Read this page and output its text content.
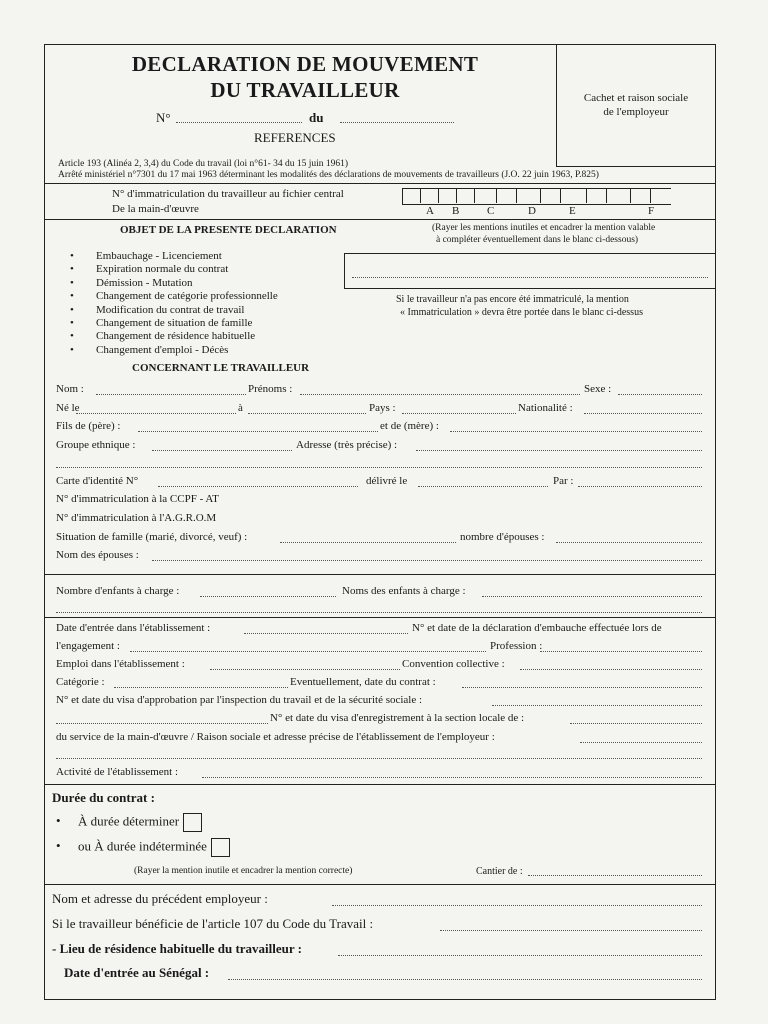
DECLARATION DE MOUVEMENT
DU TRAVAILLEUR
N°	du
REFERENCES
Cachet et raison sociale
de l'employeur
Article 193 (Alinéa 2, 3,4) du Code du travail (loi n°61- 34 du 15 juin 1961)
Arrêté ministériel n°7301 du 17 mai 1963 déterminant les modalités des déclarations de mouvements de travailleurs (J.O. 22 juin 1963, P.825)
N° d'immatriculation du travailleur au fichier central
De la main-d'œuvre	A B	C	D	E	F
OBJET DE LA PRESENTE DECLARATION	(Rayer les mentions inutiles et encadrer la mention valable
à compléter éventuellement dans le blanc ci-dessous)
• Embauchage - Licenciement
• Expiration normale du contrat
• Démission - Mutation
• Changement de catégorie professionnelle
• Modification du contrat de travail
• Changement de situation de famille
• Changement de résidence habituelle
• Changement d'emploi - Décès
Si le travailleur n'a pas encore été immatriculé, la mention
« Immatriculation » devra être portée dans le blanc ci-dessus
CONCERNANT LE TRAVAILLEUR
Nom :	Prénoms :	Sexe :
Né le	à	Pays :	Nationalité :
Fils de (père) :	et de (mère) :
Groupe ethnique :	Adresse (très précise) :
Carte d'identité N°	délivré le	Par :
N° d'immatriculation à la CCPF - AT
N° d'immatriculation à l'A.G.R.O.M
Situation de famille (marié, divorcé, veuf) :	nombre d'épouses :
Nom des épouses :
Nombre d'enfants à charge :	Noms des enfants à charge :
Date d'entrée dans l'établissement :	N° et date de la déclaration d'embauche effectuée lors de
l'engagement :	Profession :
Emploi dans l'établissement :	Convention collective :
Catégorie :	Eventuellement, date du contrat :
N° et date du visa d'approbation par l'inspection du travail et de la sécurité sociale :
N° et date du visa d'enregistrement à la section locale de :
du service de la main-d'œuvre / Raison sociale et adresse précise de l'établissement de l'employeur :
Activité de l'établissement :
Durée du contrat :
• À durée déterminer
• ou À durée indéterminée
(Rayer la mention inutile et encadrer la mention correcte)	Cantier de :
Nom et adresse du précédent employeur :
Si le travailleur bénéficie de l'article 107 du Code du Travail :
- Lieu de résidence habituelle du travailleur :
Date d'entrée au Sénégal :
